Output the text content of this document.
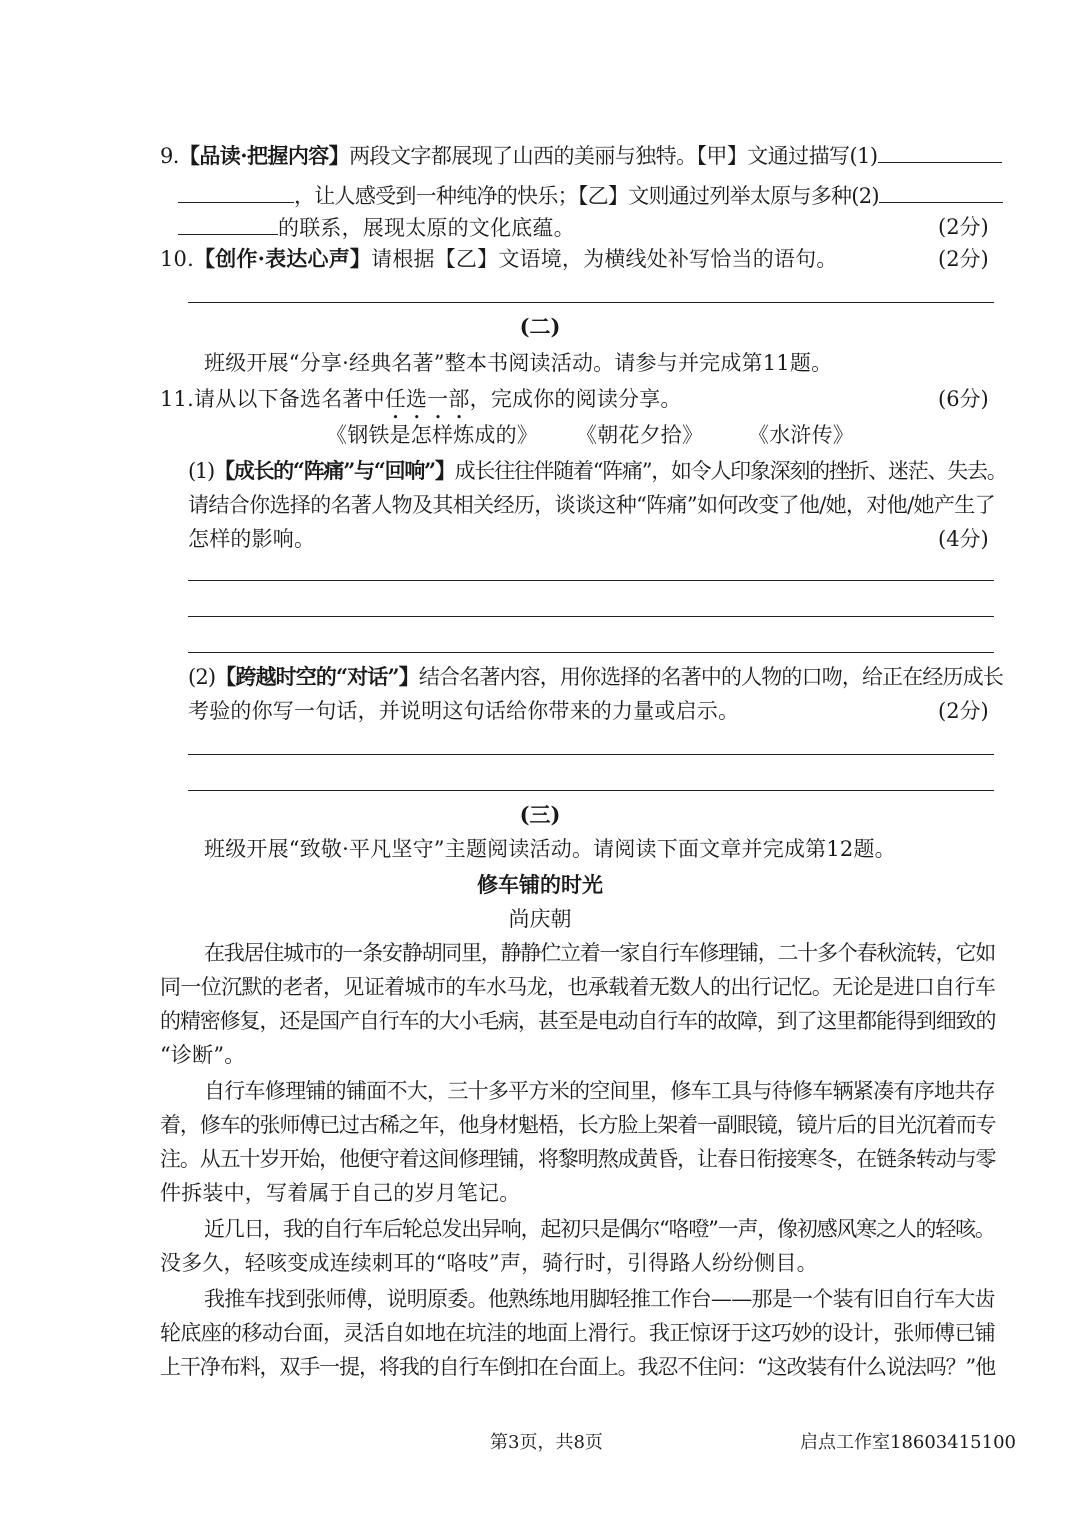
9.【品读·把握内容】两段文字都展现了山西的美丽与独特。【甲】文通过描写(1)
，让人感受到一种纯净的快乐；【乙】文则通过列举太原与多种(2)
的联系，展现太原的文化底蕴。	(2分)
10.【创作·表达心声】请根据【乙】文语境，为横线处补写恰当的语句。	(2分)
(二)
班级开展“分享·经典名著”整本书阅读活动。请参与并完成第11题。
11.请从以下备选名著中任选一部，完成你的阅读分享。	(6分)
《钢铁是怎样炼成的》 《朝花夕拾》 《水浒传》
(1)【成长的“阵痛”与“回响”】成长往往伴随着“阵痛”，如令人印象深刻的挫折、迷茫、失去。
请结合你选择的名著人物及其相关经历，谈谈这种“阵痛”如何改变了他/她，对他/她产生了
怎样的影响。	(4分)
(2)【跨越时空的“对话”】结合名著内容，用你选择的名著中的人物的口吻，给正在经历成长
考验的你写一句话，并说明这句话给你带来的力量或启示。	(2分)
(三)
班级开展“致敬·平凡坚守”主题阅读活动。请阅读下面文章并完成第12题。
修车铺的时光
尚庆朝
在我居住城市的一条安静胡同里，静静伫立着一家自行车修理铺，二十多个春秋流转，它如
同一位沉默的老者，见证着城市的车水马龙，也承载着无数人的出行记忆。无论是进口自行车
的精密修复，还是国产自行车的大小毛病，甚至是电动自行车的故障，到了这里都能得到细致的
“诊断”。
自行车修理铺的铺面不大，三十多平方米的空间里，修车工具与待修车辆紧凑有序地共存
着，修车的张师傅已过古稀之年，他身材魁梧，长方脸上架着一副眼镜，镜片后的目光沉着而专
注。从五十岁开始，他便守着这间修理铺，将黎明熬成黄昏，让春日衔接寒冬，在链条转动与零
件拆装中，写着属于自己的岁月笔记。
近几日，我的自行车后轮总发出异响，起初只是偶尔“咯噔”一声，像初感风寒之人的轻咳。
没多久，轻咳变成连续刺耳的“咯吱”声，骑行时，引得路人纷纷侧目。
我推车找到张师傅，说明原委。他熟练地用脚轻推工作台——那是一个装有旧自行车大齿
轮底座的移动台面，灵活自如地在坑洼的地面上滑行。我正惊讶于这巧妙的设计，张师傅已铺
上干净布料，双手一提，将我的自行车倒扣在台面上。我忍不住问：“这改装有什么说法吗？”他
第3页，共8页	启点工作室18603415100
